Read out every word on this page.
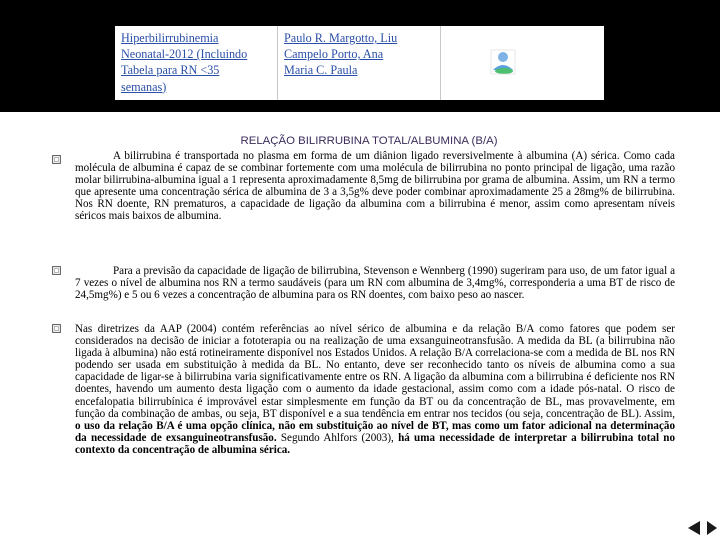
Hiperbilirrubinemia
Neonatal-2012 (Incluindo
Tabela para RN <35
semanas)
Paulo R. Margotto, Liu
Campelo Porto, Ana
Maria C. Paula
RELAÇÃO BILIRRUBINA TOTAL/ALBUMINA (B/A)

A bilirrubina é transportada no plasma em forma de um diânion ligado reversivelmente à albumina (A) sérica. Como cada molécula de albumina é capaz de se combinar fortemente com uma molécula de bilirrubina no ponto principal de ligação, uma razão molar bilirrubina-albumina igual a 1 representa aproximadamente 8,5mg de bilirrubina por grama de albumina. Assim, um RN a termo que apresente uma concentração sérica de albumina de 3 a 3,5g% deve poder combinar aproximadamente 25 a 28mg% de bilirrubina. Nos RN doente, RN prematuros, a capacidade de ligação da albumina com a bilirrubina é menor, assim como apresentam níveis séricos mais baixos de albumina.

Para a previsão da capacidade de ligação de bilirrubina, Stevenson e Wennberg (1990) sugeriram para uso, de um fator igual a 7 vezes o nível de albumina nos RN a termo saudáveis (para um RN com albumina de 3,4mg%, corresponderia a uma BT de risco de 24,5mg%) e 5 ou 6 vezes a concentração de albumina para os RN doentes, com baixo peso ao nascer.

Nas diretrizes da AAP (2004) contém referências ao nível sérico de albumina e da relação B/A como fatores que podem ser considerados na decisão de iniciar a fototerapia ou na realização de uma exsanguineotransfusão. A medida da BL (a bilirrubina não ligada à albumina) não está rotineiramente disponível nos Estados Unidos. A relação B/A correlaciona-se com a medida de BL nos RN podendo ser usada em substituição à medida da BL. No entanto, deve ser reconhecido tanto os níveis de albumina como a sua capacidade de ligar-se à bilirrubina varia significativamente entre os RN. A ligação da albumina com a bilirrubina é deficiente nos RN doentes, havendo um aumento desta ligação com o aumento da idade gestacional, assim como com a idade pós-natal. O risco de encefalopatia bilirrubínica é improvável estar simplesmente em função da BT ou da concentração de BL, mas provavelmente, em função da combinação de ambas, ou seja, BT disponível e a sua tendência em entrar nos tecidos (ou seja, concentração de BL). Assim, o uso da relação B/A é uma opção clínica, não em substituição ao nível de BT, mas como um fator adicional na determinação da necessidade de exsanguineotransfusão. Segundo Ahlfors (2003), há uma necessidade de interpretar a bilirrubina total no contexto da concentração de albumina sérica.
